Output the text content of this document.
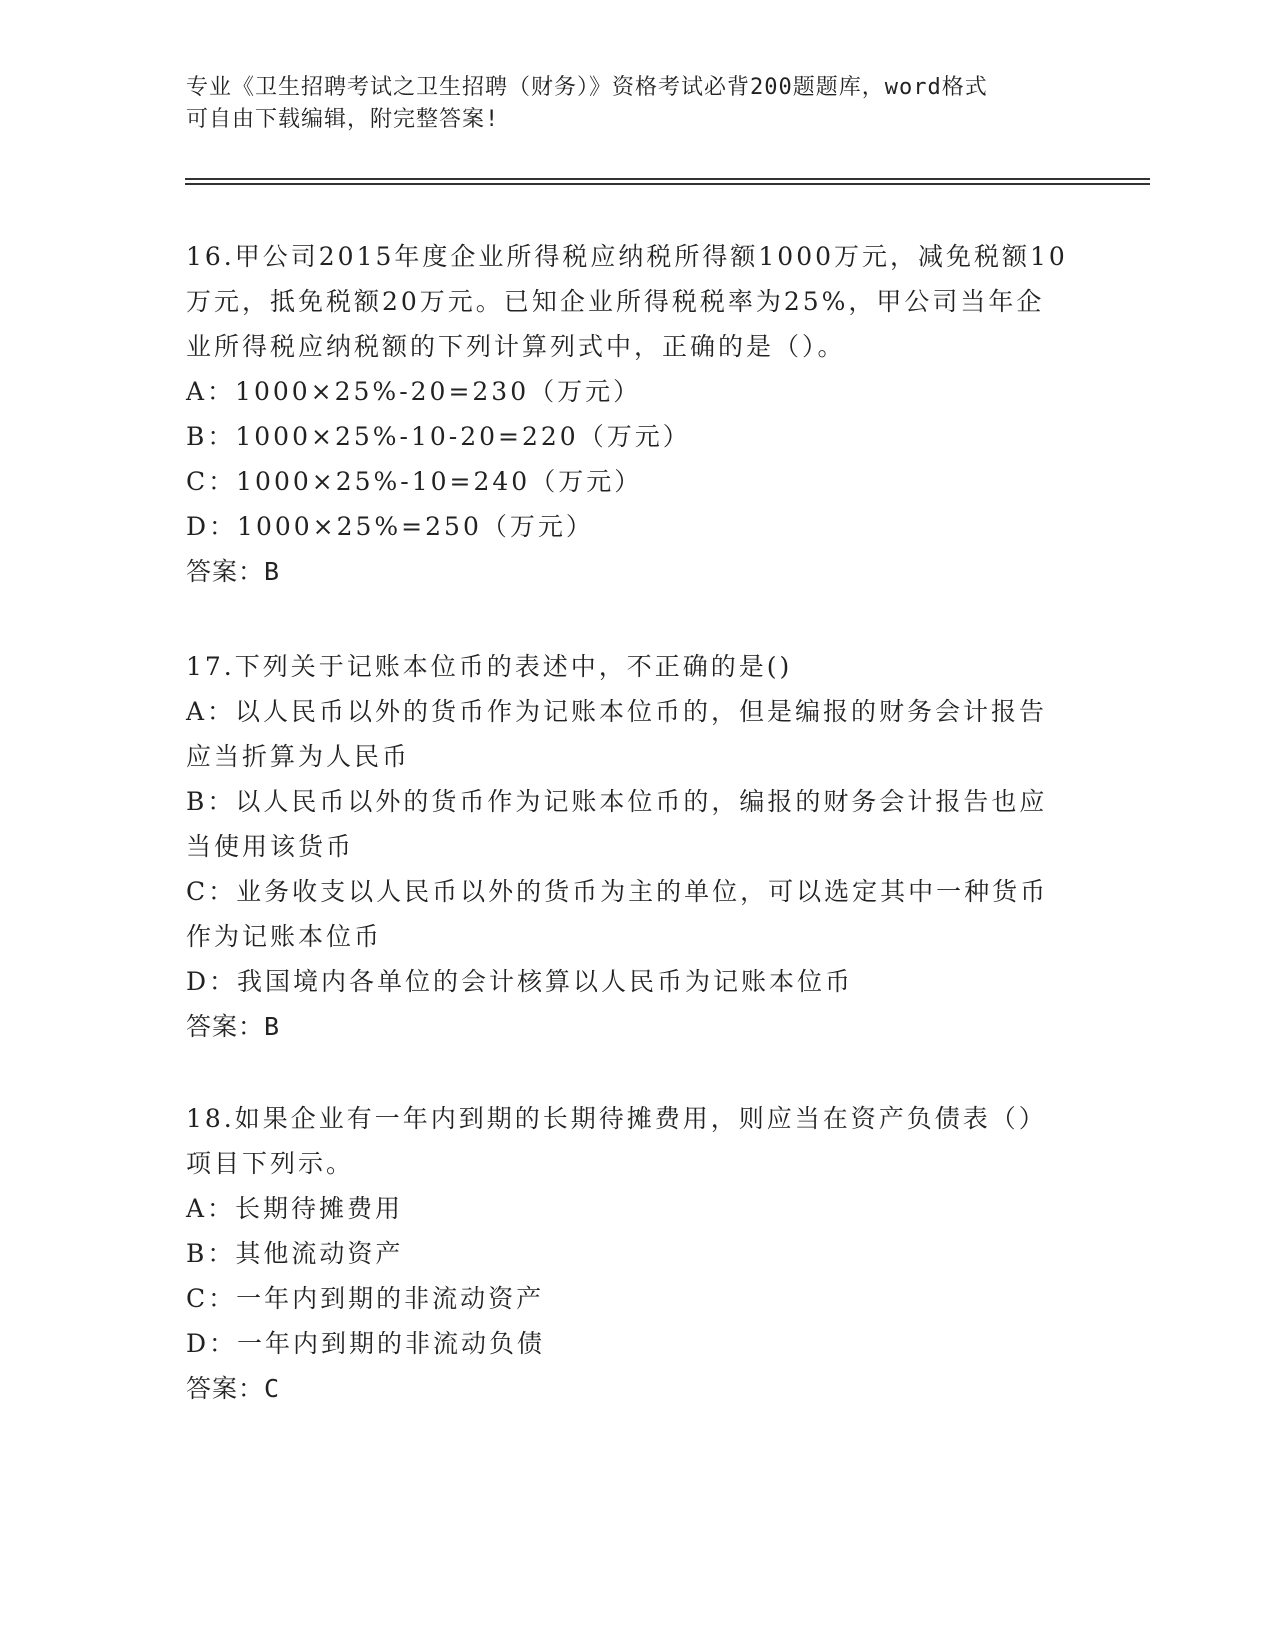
专业《卫生招聘考试之卫生招聘（财务）》资格考试必背200题题库，word格式
可自由下载编辑，附完整答案!
16.甲公司2015年度企业所得税应纳税所得额1000万元，减免税额10
万元，抵免税额20万元。已知企业所得税税率为25%，甲公司当年企
业所得税应纳税额的下列计算列式中，正确的是（）。
A：1000×25%-20=230（万元）
B：1000×25%-10-20=220（万元）
C：1000×25%-10=240（万元）
D：1000×25%=250（万元）
答案：B
17.下列关于记账本位币的表述中，不正确的是()
A：以人民币以外的货币作为记账本位币的，但是编报的财务会计报告
应当折算为人民币
B：以人民币以外的货币作为记账本位币的，编报的财务会计报告也应
当使用该货币
C：业务收支以人民币以外的货币为主的单位，可以选定其中一种货币
作为记账本位币
D：我国境内各单位的会计核算以人民币为记账本位币
答案：B
18.如果企业有一年内到期的长期待摊费用，则应当在资产负债表（）
项目下列示。
A：长期待摊费用
B：其他流动资产
C：一年内到期的非流动资产
D：一年内到期的非流动负债
答案：C
